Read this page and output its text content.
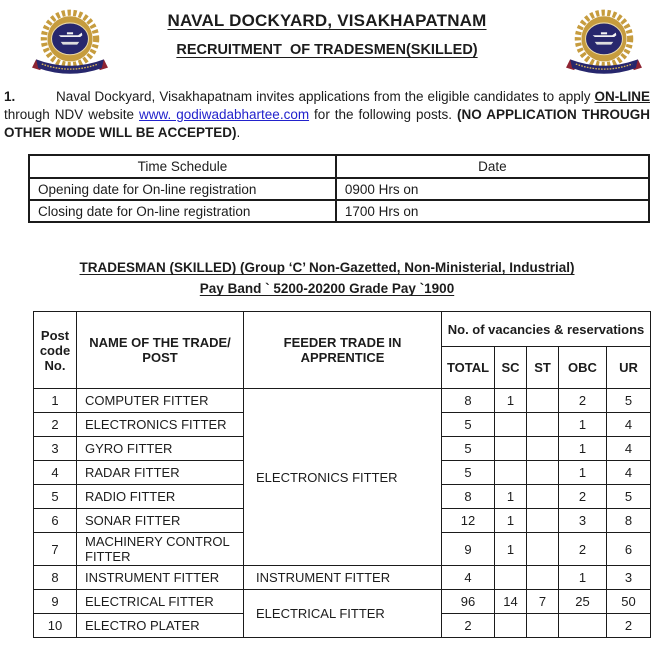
NAVAL DOCKYARD, VISAKHAPATNAM
RECRUITMENT  OF TRADESMEN(SKILLED)

1.	Naval Dockyard, Visakhapatnam invites applications from the eligible candidates to apply ON-LINE through NDV website www. godiwadabhartee.com for the following posts. (NO APPLICATION THROUGH OTHER MODE WILL BE ACCEPTED).

Time Schedule	Date
Opening date for On-line registration	0900 Hrs on
Closing date for On-line registration	1700 Hrs on
TRADESMAN (SKILLED) (Group ‘C’ Non-Gazetted, Non-Ministerial, Industrial)
Pay Band ` 5200-20200 Grade Pay `1900
Post code No.	NAME OF THE TRADE/ POST	FEEDER TRADE IN APPRENTICE	No. of vacancies & reservations				
			TOTAL	SC	ST	OBC	UR
1	COMPUTER FITTER	ELECTRONICS FITTER	8	1		2	5
2	ELECTRONICS FITTER		5			1	4
3	GYRO FITTER		5			1	4
4	RADAR FITTER		5			1	4
5	RADIO FITTER		8	1		2	5
6	SONAR FITTER		12	1		3	8
7	MACHINERY CONTROL FITTER		9	1		2	6
8	INSTRUMENT FITTER	INSTRUMENT FITTER	4			1	3
9	ELECTRICAL FITTER	ELECTRICAL FITTER	96	14	7	25	50
10	ELECTRO PLATER		2				2
